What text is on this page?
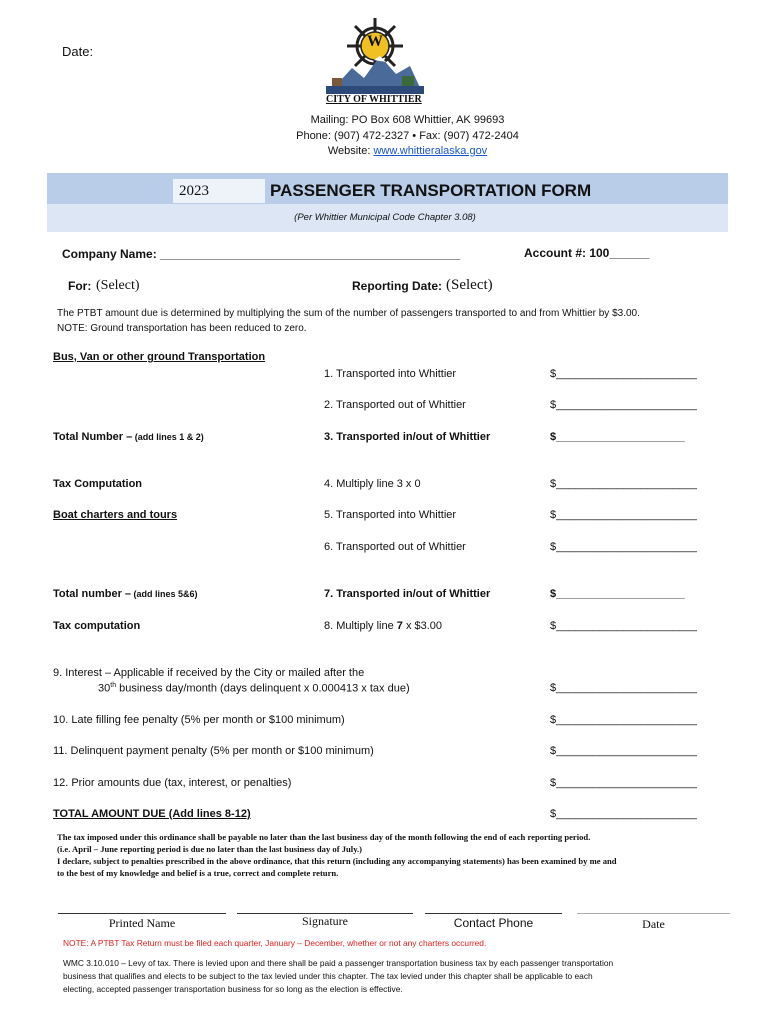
Date:
W
CITY OF WHITTIER
Mailing: PO Box 608 Whittier, AK 99693
Phone: (907) 472-2327 • Fax: (907) 472-2404
Website: www.whittieralaska.gov
2023	PASSENGER TRANSPORTATION FORM
(Per Whittier Municipal Code Chapter 3.08)
Company Name: _____________________________________________	Account #: 100______
For: (Select)	Reporting Date: (Select)
The PTBT amount due is determined by multiplying the sum of the number of passengers transported to and from Whittier by $3.00.
NOTE: Ground transportation has been reduced to zero.
Bus, Van or other ground Transportation
1. Transported into Whittier	$_______________________
2. Transported out of Whittier	$_______________________
Total Number – (add lines 1 & 2)	3. Transported in/out of Whittier	$_____________________
Tax Computation	4. Multiply line 3 x 0	$_______________________
Boat charters and tours	5. Transported into Whittier	$_______________________
6. Transported out of Whittier	$_______________________
Total number – (add lines 5&6)	7. Transported in/out of Whittier	$_____________________
Tax computation	8. Multiply line 7 x $3.00	$_______________________
9. Interest – Applicable if received by the City or mailed after the
30th business day/month (days delinquent x 0.000413 x tax due)	$_______________________
10. Late filling fee penalty (5% per month or $100 minimum)	$_______________________
11. Delinquent payment penalty (5% per month or $100 minimum)	$_______________________
12. Prior amounts due (tax, interest, or penalties)	$_______________________
TOTAL AMOUNT DUE (Add lines 8-12)	$_______________________
The tax imposed under this ordinance shall be payable no later than the last business day of the month following the end of each reporting period.
(i.e. April – June reporting period is due no later than the last business day of July.)
I declare, subject to penalties prescribed in the above ordinance, that this return (including any accompanying statements) has been examined by me and
to the best of my knowledge and belief is a true, correct and complete return.
Printed Name	Signature	Contact Phone	Date
NOTE: A PTBT Tax Return must be filed each quarter, January – December, whether or not any charters occurred.
WMC 3.10.010 – Levy of tax. There is levied upon and there shall be paid a passenger transportation business tax by each passenger transportation
business that qualifies and elects to be subject to the tax levied under this chapter. The tax levied under this chapter shall be applicable to each
electing, accepted passenger transportation business for so long as the election is effective.
